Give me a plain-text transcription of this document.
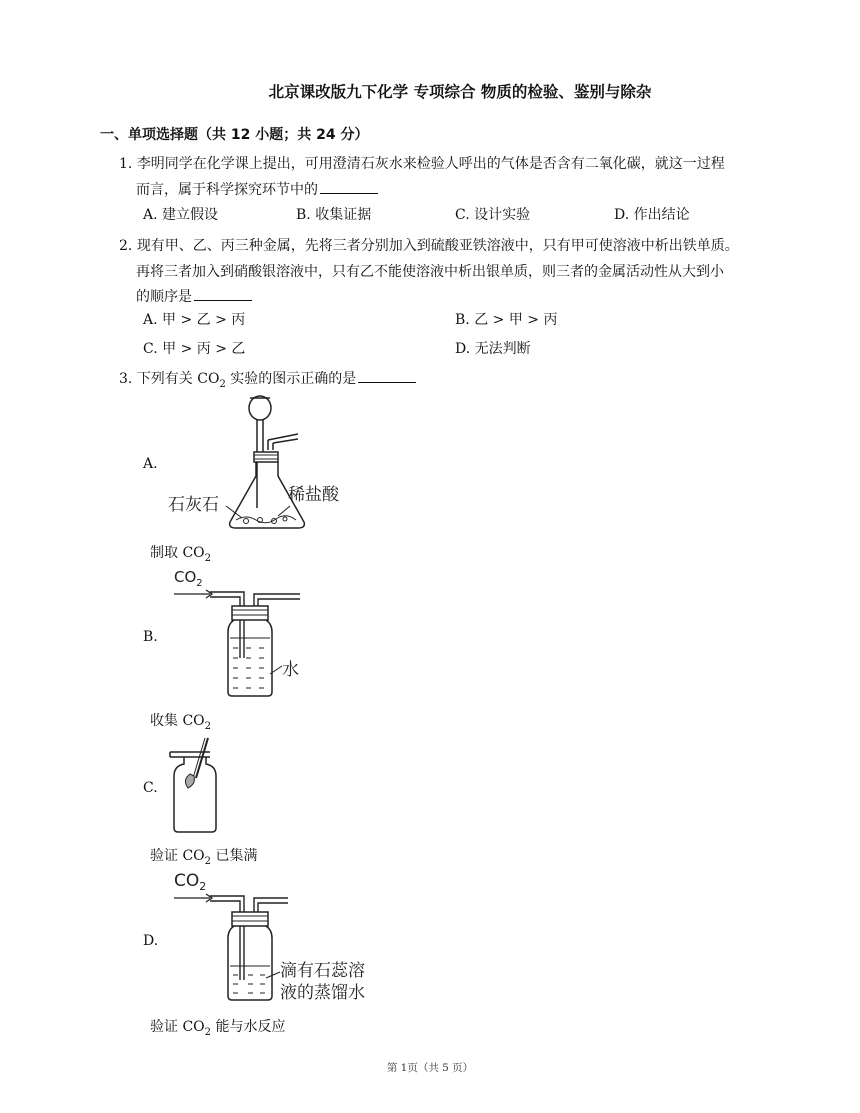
北京课改版九下化学 专项综合 物质的检验、鉴别与除杂
一、单项选择题（共 12 小题；共 24 分）
1. 李明同学在化学课上提出，可用澄清石灰水来检验人呼出的气体是否含有二氧化碳，就这一过程
而言，属于科学探究环节中的
A. 建立假设	B. 收集证据	C. 设计实验	D. 作出结论
2. 现有甲、乙、丙三种金属，先将三者分别加入到硫酸亚铁溶液中，只有甲可使溶液中析出铁单质。
再将三者加入到硝酸银溶液中，只有乙不能使溶液中析出银单质，则三者的金属活动性从大到小
的顺序是
A. 甲 > 乙 > 丙	B. 乙 > 甲 > 丙
C. 甲 > 丙 > 乙	D. 无法判断
3. 下列有关 $CO_2$ 实验的图示正确的是
A.
石灰石	稀盐酸
制取 $CO_2$
B.
$CO_2$
水
收集 $CO_2$
C.
验证 $CO_2$ 已集满
D.
$CO_2$
滴有石蕊溶
液的蒸馏水
验证 $CO_2$ 能与水反应
第 1页（共 5 页）
